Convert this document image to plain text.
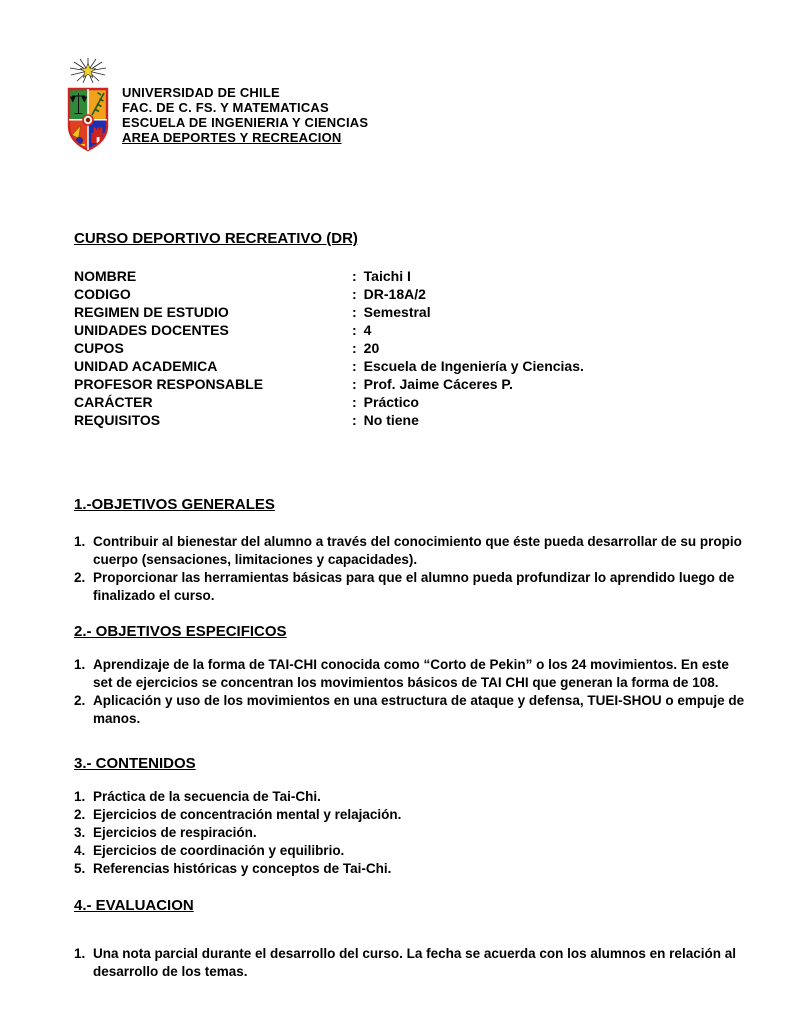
UNIVERSIDAD DE CHILE
FAC. DE C. FS. Y MATEMATICAS
ESCUELA DE INGENIERIA Y CIENCIAS
AREA DEPORTES Y RECREACION
CURSO DEPORTIVO RECREATIVO (DR)
NOMBRE	: Taichi I
CODIGO	: DR-18A/2
REGIMEN DE ESTUDIO	: Semestral
UNIDADES DOCENTES	: 4
CUPOS	: 20
UNIDAD ACADEMICA	: Escuela de Ingeniería y Ciencias.
PROFESOR RESPONSABLE	: Prof. Jaime Cáceres P.
CARÁCTER	: Práctico
REQUISITOS	: No tiene
1.-OBJETIVOS GENERALES
1. Contribuir al bienestar del alumno a través del conocimiento que éste pueda desarrollar de su propio cuerpo (sensaciones, limitaciones y capacidades).
2. Proporcionar las herramientas básicas para que el alumno pueda profundizar lo aprendido luego de finalizado el curso.
2.- OBJETIVOS ESPECIFICOS
1. Aprendizaje de la forma de TAI-CHI conocida como “Corto de Pekin” o los 24 movimientos. En este set de ejercicios se concentran los movimientos básicos de TAI CHI que generan la forma de 108.
2. Aplicación y uso de los movimientos en una estructura de ataque y defensa, TUEI-SHOU o empuje de manos.
3.- CONTENIDOS
1. Práctica de la secuencia de Tai-Chi.
2. Ejercicios de concentración mental y relajación.
3. Ejercicios de respiración.
4. Ejercicios de coordinación y equilibrio.
5. Referencias históricas y conceptos de Tai-Chi.
4.- EVALUACION
1. Una nota parcial durante el desarrollo del curso. La fecha se acuerda con los alumnos en relación al desarrollo de los temas.
